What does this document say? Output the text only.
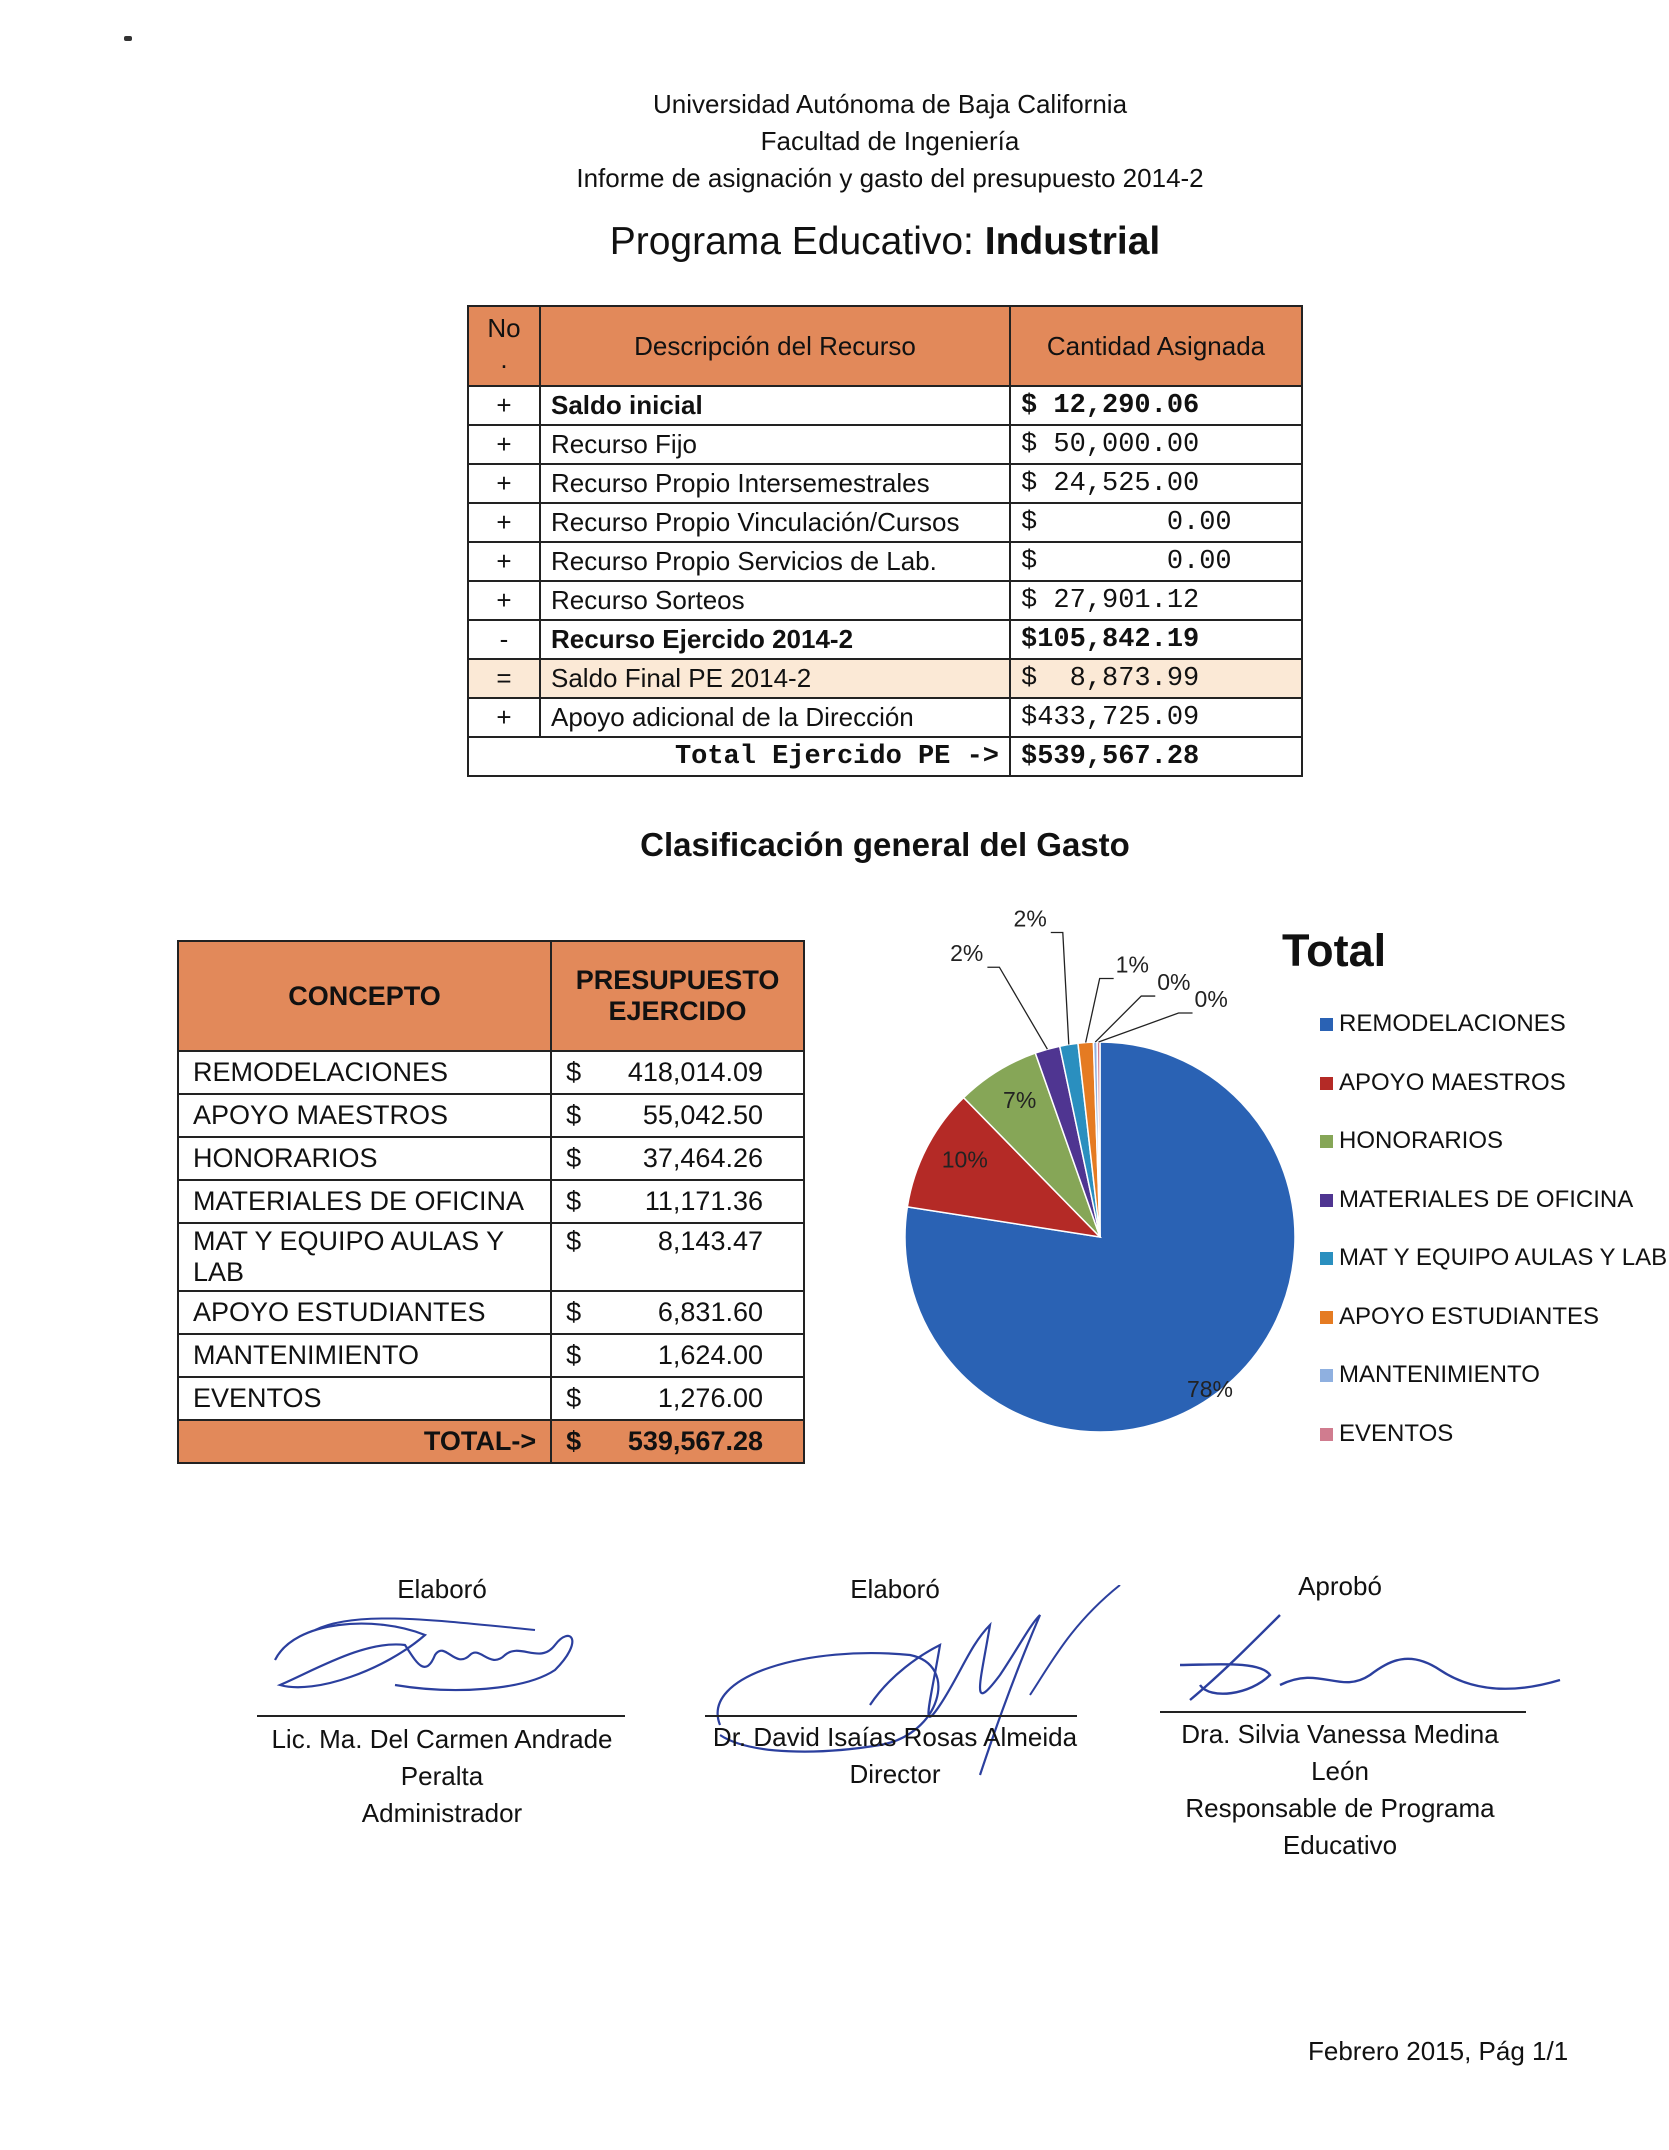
Universidad Autónoma de Baja California
Facultad de Ingeniería
Informe de asignación y gasto del presupuesto 2014-2
Programa Educativo: Industrial
No
.	Descripción del Recurso	Cantidad Asignada
+	Saldo inicial	$ 12,290.06
+	Recurso Fijo	$ 50,000.00
+	Recurso Propio Intersemestrales	$ 24,525.00
+	Recurso Propio Vinculación/Cursos	$        0.00
+	Recurso Propio Servicios de Lab.	$        0.00
+	Recurso Sorteos	$ 27,901.12
-	Recurso Ejercido 2014-2	$105,842.19
=	Saldo Final PE 2014-2	$  8,873.99
+	Apoyo adicional de la Dirección	$433,725.09
Total Ejercido PE ->		$539,567.28
Clasificación general del Gasto
CONCEPTO	PRESUPUESTO
EJERCIDO	
REMODELACIONES	$	418,014.09
APOYO MAESTROS	$	55,042.50
HONORARIOS	$	37,464.26
MATERIALES DE OFICINA	$	11,171.36
MAT Y EQUIPO AULAS Y LAB	$	8,143.47
APOYO ESTUDIANTES	$	6,831.60
MANTENIMIENTO	$	1,624.00
EVENTOS	$	1,276.00
TOTAL->	$	539,567.28
78%
10%
7%
2%
2%
1%
0%
0%
Total
REMODELACIONES
APOYO MAESTROS
HONORARIOS
MATERIALES DE OFICINA
MAT Y EQUIPO AULAS Y LAB
APOYO ESTUDIANTES
MANTENIMIENTO
EVENTOS
Elaboró
Lic. Ma. Del Carmen Andrade
Peralta
Administrador
Elaboró
Dr. David Isaías Rosas Almeida
Director
Aprobó
Dra. Silvia Vanessa Medina
León
Responsable de Programa
Educativo
Febrero 2015, Pág 1/1
